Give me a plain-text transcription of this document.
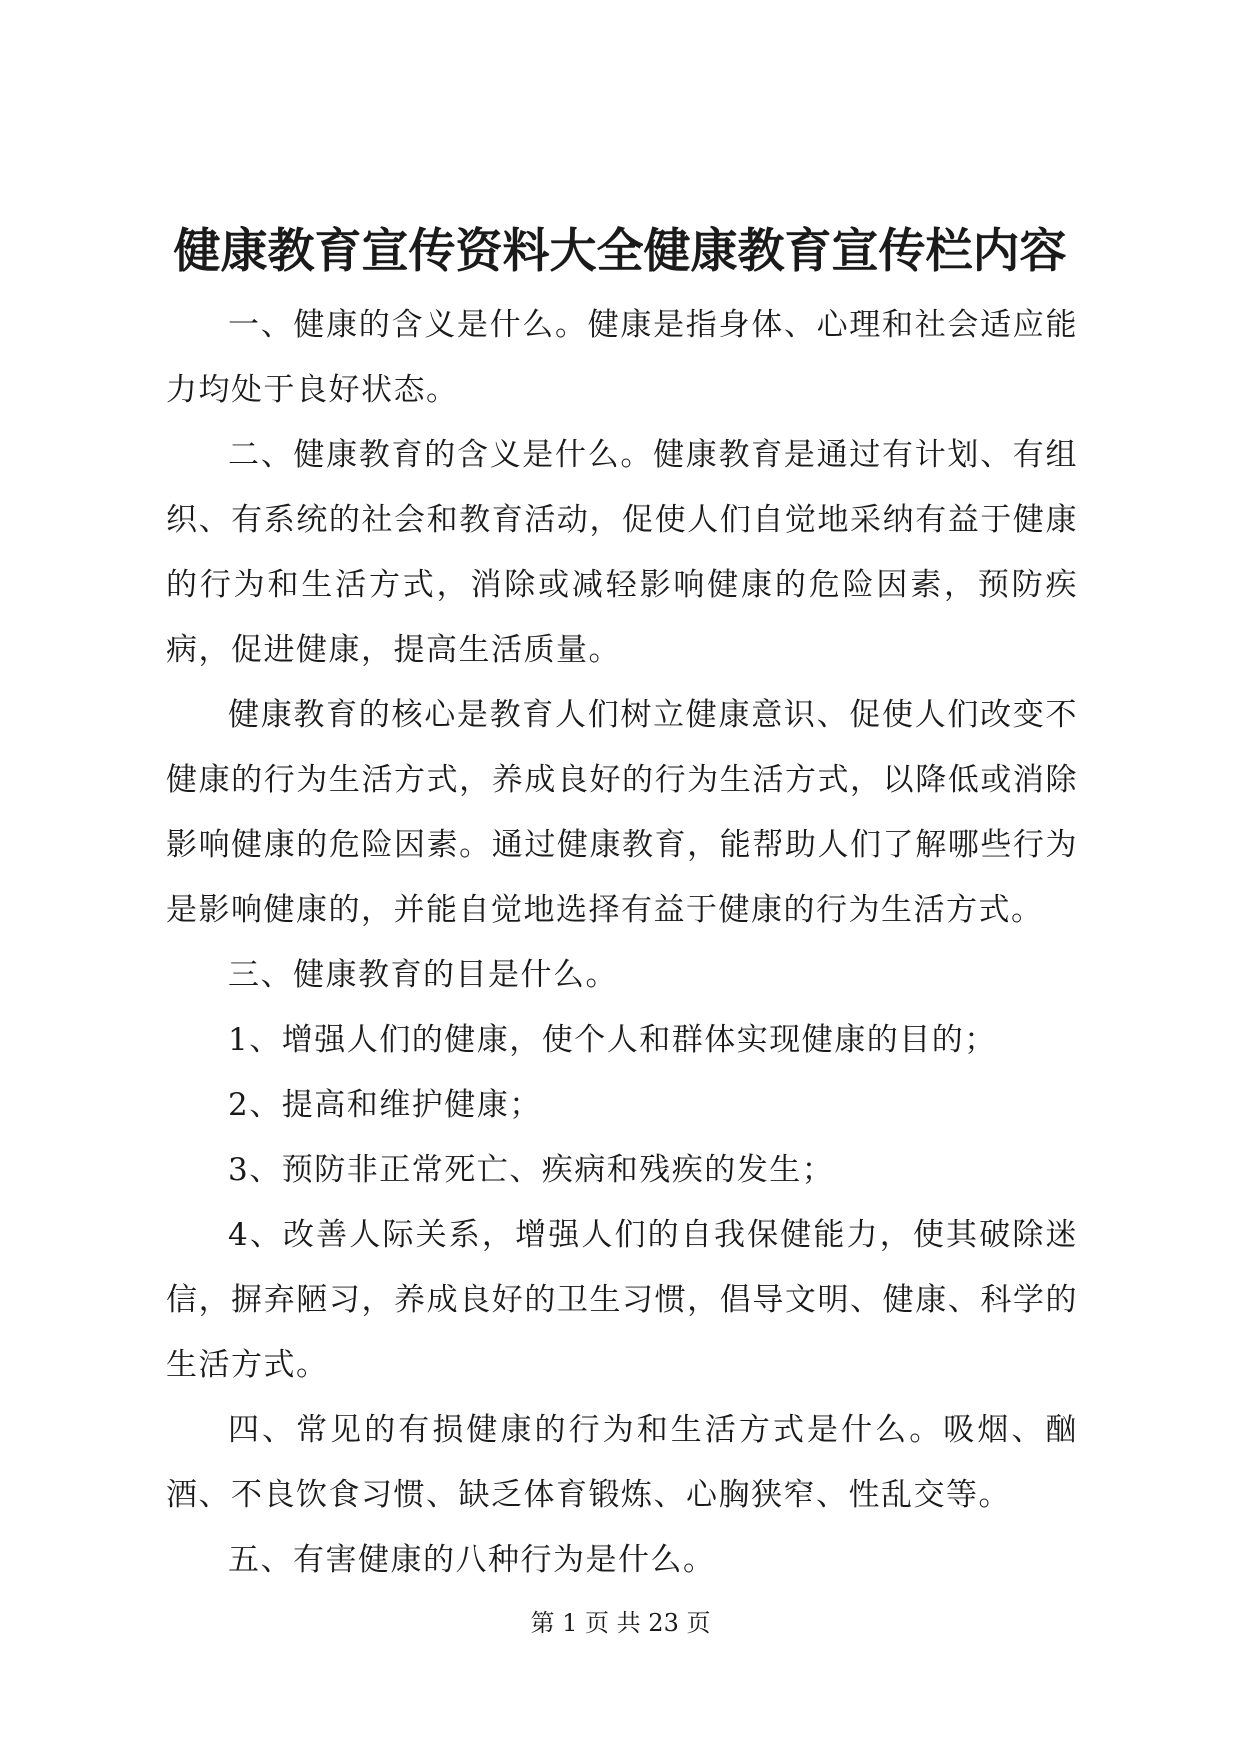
健康教育宣传资料大全健康教育宣传栏内容

一、健康的含义是什么。健康是指身体、心理和社会适应能力均处于良好状态。

二、健康教育的含义是什么。健康教育是通过有计划、有组织、有系统的社会和教育活动，促使人们自觉地采纳有益于健康的行为和生活方式，消除或减轻影响健康的危险因素，预防疾病，促进健康，提高生活质量。

健康教育的核心是教育人们树立健康意识、促使人们改变不健康的行为生活方式，养成良好的行为生活方式，以降低或消除影响健康的危险因素。通过健康教育，能帮助人们了解哪些行为是影响健康的，并能自觉地选择有益于健康的行为生活方式。

三、健康教育的目是什么。

1、增强人们的健康，使个人和群体实现健康的目的；

2、提高和维护健康；

3、预防非正常死亡、疾病和残疾的发生；

4、改善人际关系，增强人们的自我保健能力，使其破除迷信，摒弃陋习，养成良好的卫生习惯，倡导文明、健康、科学的生活方式。

四、常见的有损健康的行为和生活方式是什么。吸烟、酗酒、不良饮食习惯、缺乏体育锻炼、心胸狭窄、性乱交等。

五、有害健康的八种行为是什么。

第 1 页 共 23 页
